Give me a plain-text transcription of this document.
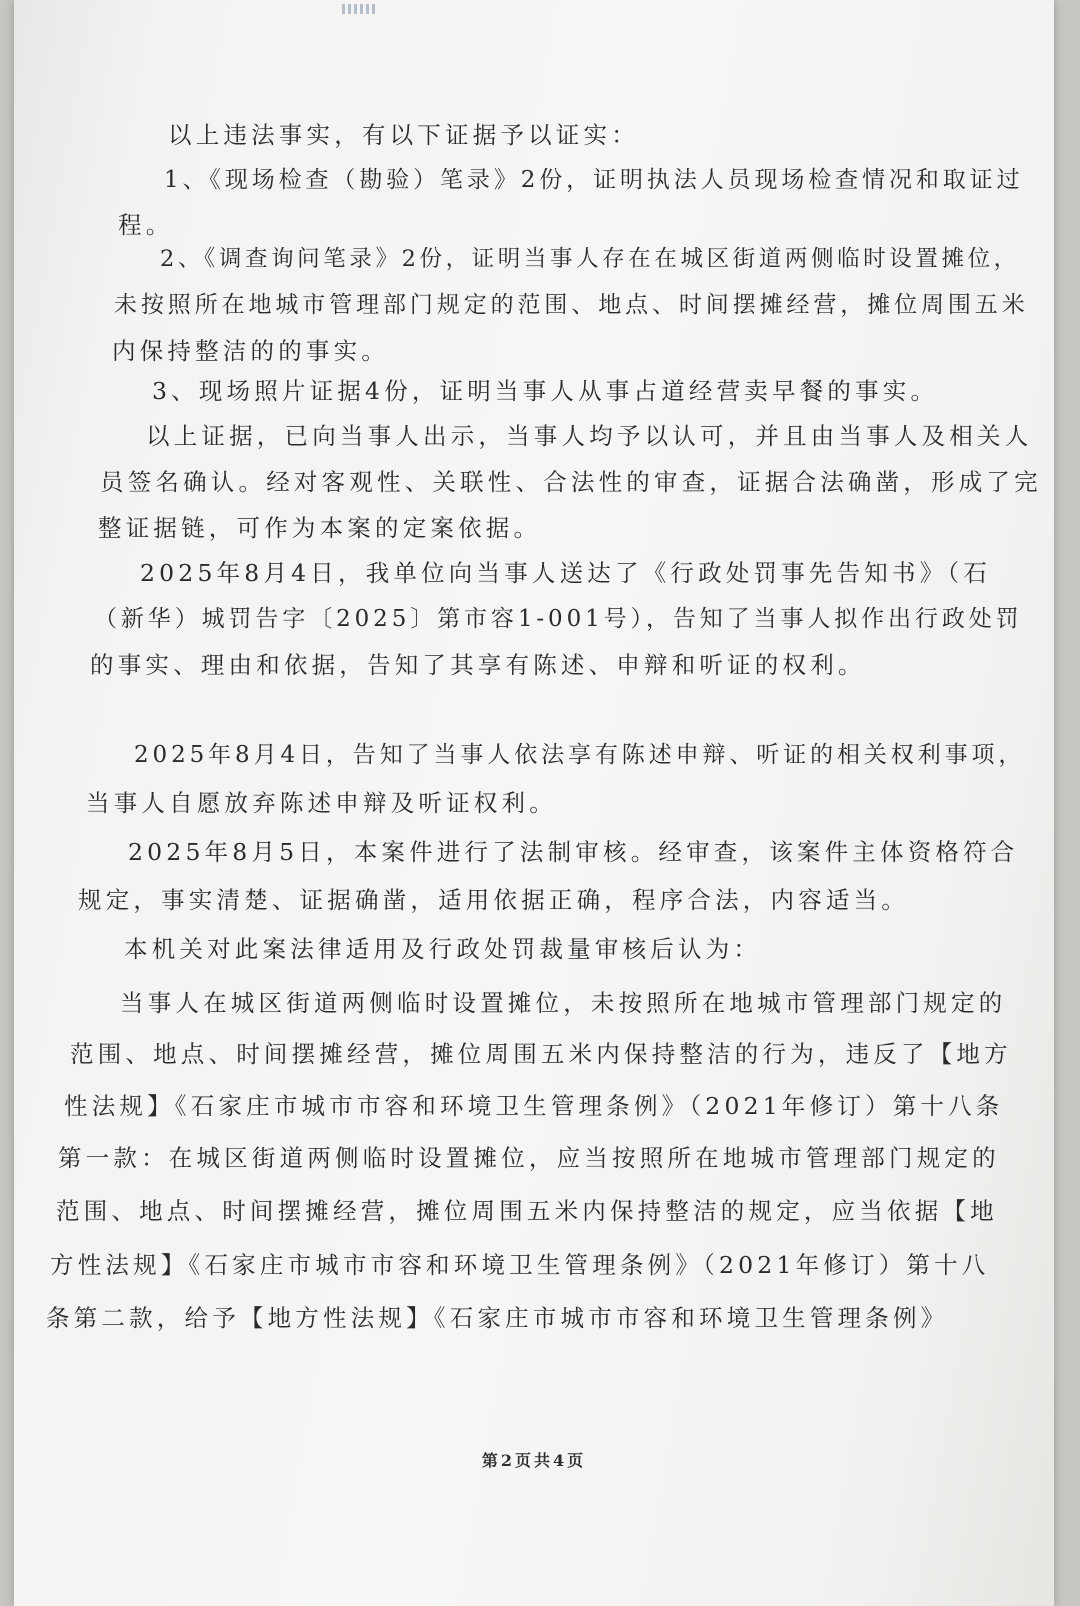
以上违法事实，有以下证据予以证实：
1、《现场检查（勘验）笔录》2份，证明执法人员现场检查情况和取证过
程。
2、《调查询问笔录》2份，证明当事人存在在城区街道两侧临时设置摊位，
未按照所在地城市管理部门规定的范围、地点、时间摆摊经营，摊位周围五米
内保持整洁的的事实。
3、现场照片证据4份，证明当事人从事占道经营卖早餐的事实。
以上证据，已向当事人出示，当事人均予以认可，并且由当事人及相关人
员签名确认。经对客观性、关联性、合法性的审查，证据合法确凿，形成了完
整证据链，可作为本案的定案依据。
2025年8月4日，我单位向当事人送达了《行政处罚事先告知书》（石
（新华）城罚告字〔2025〕第市容1-001号），告知了当事人拟作出行政处罚
的事实、理由和依据，告知了其享有陈述、申辩和听证的权利。
2025年8月4日，告知了当事人依法享有陈述申辩、听证的相关权利事项，
当事人自愿放弃陈述申辩及听证权利。
2025年8月5日，本案件进行了法制审核。经审查，该案件主体资格符合
规定，事实清楚、证据确凿，适用依据正确，程序合法，内容适当。
本机关对此案法律适用及行政处罚裁量审核后认为：
当事人在城区街道两侧临时设置摊位，未按照所在地城市管理部门规定的
范围、地点、时间摆摊经营，摊位周围五米内保持整洁的行为，违反了【地方
性法规】《石家庄市城市市容和环境卫生管理条例》（2021年修订）第十八条
第一款：在城区街道两侧临时设置摊位，应当按照所在地城市管理部门规定的
范围、地点、时间摆摊经营，摊位周围五米内保持整洁的规定，应当依据【地
方性法规】《石家庄市城市市容和环境卫生管理条例》（2021年修订）第十八
条第二款，给予【地方性法规】《石家庄市城市市容和环境卫生管理条例》
第2页共4页
